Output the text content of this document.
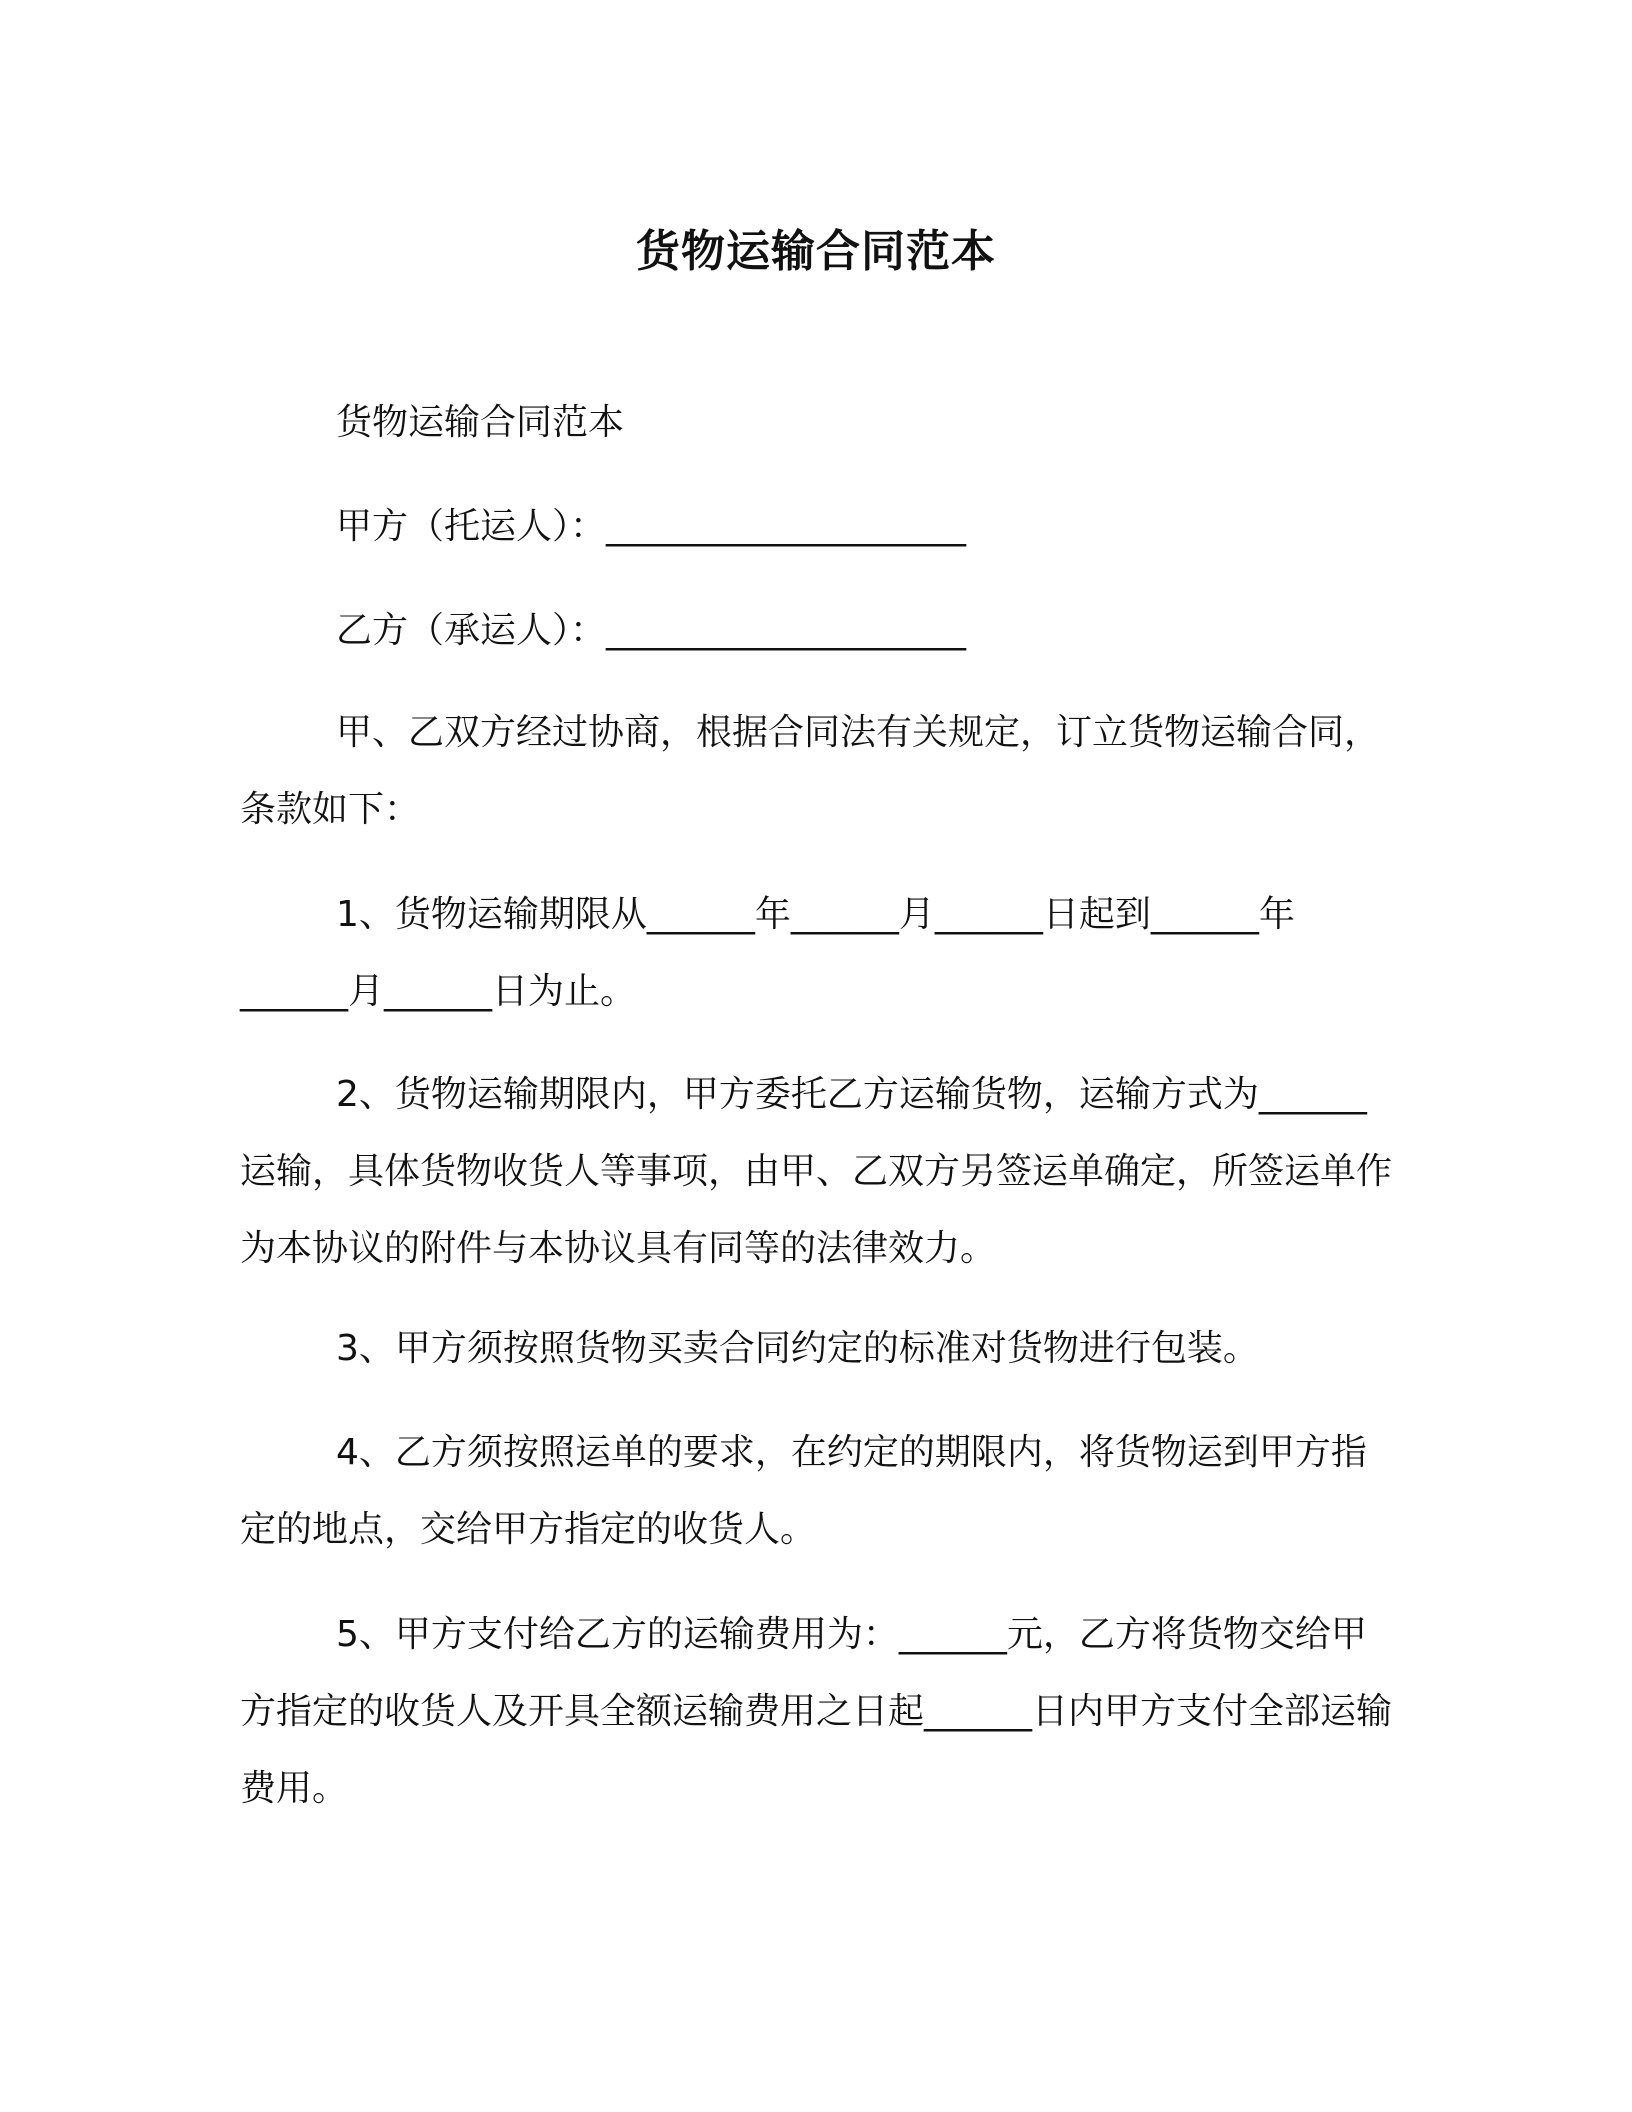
货物运输合同范本

货物运输合同范本

甲方（托运人）：____________________

乙方（承运人）：____________________

甲、乙双方经过协商，根据合同法有关规定，订立货物运输合同，条款如下：

1、货物运输期限从______年______月______日起到______年______月______日为止。

2、货物运输期限内，甲方委托乙方运输货物，运输方式为______运输，具体货物收货人等事项，由甲、乙双方另签运单确定，所签运单作为本协议的附件与本协议具有同等的法律效力。

3、甲方须按照货物买卖合同约定的标准对货物进行包装。

4、乙方须按照运单的要求，在约定的期限内，将货物运到甲方指定的地点，交给甲方指定的收货人。

5、甲方支付给乙方的运输费用为：______元，乙方将货物交给甲方指定的收货人及开具全额运输费用之日起______日内甲方支付全部运输费用。
